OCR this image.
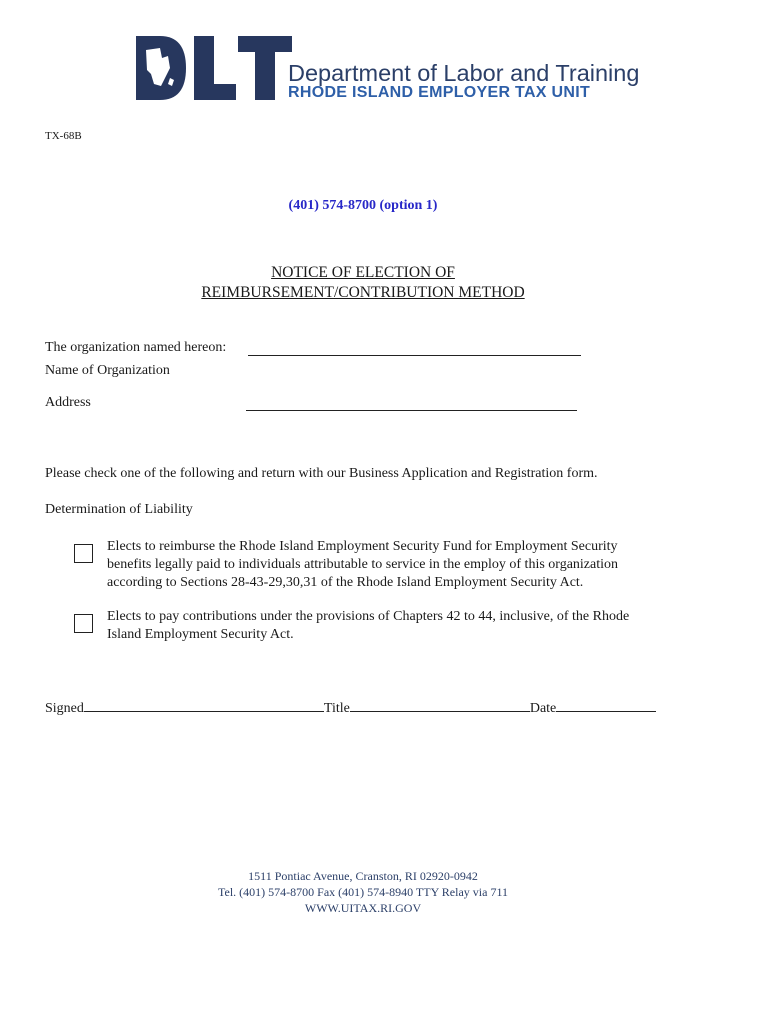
Department of Labor and Training
RHODE ISLAND EMPLOYER TAX UNIT
TX-68B
(401) 574-8700 (option 1)
NOTICE OF ELECTION OF
REIMBURSEMENT/CONTRIBUTION METHOD
The organization named hereon:
Name of Organization
Address
Please check one of the following and return with our Business Application and Registration form.
Determination of Liability
Elects to reimburse the Rhode Island Employment Security Fund for Employment Security
benefits legally paid to individuals attributable to service in the employ of this organization
according to Sections 28-43-29,30,31 of the Rhode Island Employment Security Act.
Elects to pay contributions under the provisions of Chapters 42 to 44, inclusive, of the Rhode
Island Employment Security Act.
Signed	Title	Date
1511 Pontiac Avenue, Cranston, RI 02920-0942
Tel. (401) 574-8700 Fax (401) 574-8940 TTY Relay via 711
WWW.UITAX.RI.GOV
